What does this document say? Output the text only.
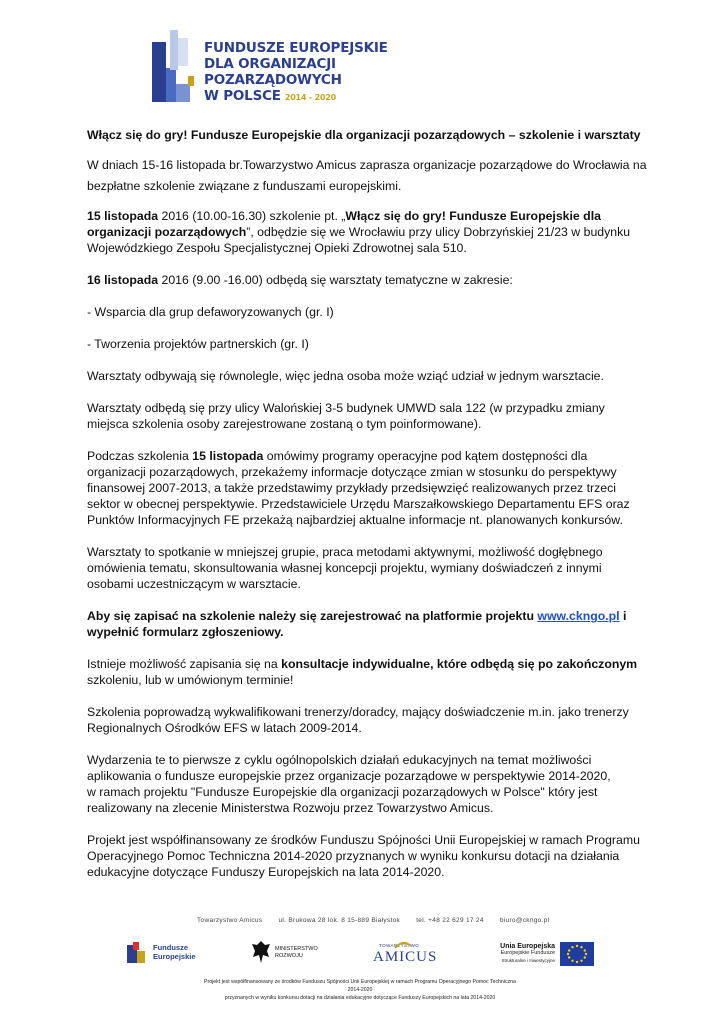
FUNDUSZE EUROPEJSKIE
DLA ORGANIZACJI POZARZĄDOWYCH
W POLSCE 2014 - 2020

Włącz się do gry! Fundusze Europejskie dla organizacji pozarządowych – szkolenie i warsztaty

W dniach 15-16 listopada br.Towarzystwo Amicus zaprasza organizacje pozarządowe do Wrocławia na bezpłatne szkolenie związane z funduszami europejskimi.

15 listopada 2016 (10.00-16.30) szkolenie pt. „Włącz się do gry! Fundusze Europejskie dla organizacji pozarządowych”, odbędzie się we Wrocławiu przy ulicy Dobrzyńskiej 21/23 w budynku Wojewódzkiego Zespołu Specjalistycznej Opieki Zdrowotnej sala 510.

16 listopada 2016 (9.00 -16.00) odbędą się warsztaty tematyczne w zakresie:

- Wsparcia dla grup defaworyzowanych (gr. I)

- Tworzenia projektów partnerskich (gr. I)

Warsztaty odbywają się równolegle, więc jedna osoba może wziąć udział w jednym warsztacie.

Warsztaty odbędą się przy ulicy Walońskiej 3-5 budynek UMWD sala 122 (w przypadku zmiany miejsca szkolenia osoby zarejestrowane zostaną o tym poinformowane).

Podczas szkolenia 15 listopada omówimy programy operacyjne pod kątem dostępności dla organizacji pozarządowych, przekażemy informacje dotyczące zmian w stosunku do perspektywy finansowej 2007-2013, a także przedstawimy przykłady przedsięwzięć realizowanych przez trzeci sektor w obecnej perspektywie. Przedstawiciele Urzędu Marszałkowskiego Departamentu EFS oraz Punktów Informacyjnych FE przekażą najbardziej aktualne informacje nt. planowanych konkursów.

Warsztaty to spotkanie w mniejszej grupie, praca metodami aktywnymi, możliwość dogłębnego omówienia tematu, skonsultowania własnej koncepcji projektu, wymiany doświadczeń z innymi osobami uczestniczącym w warsztacie.

Aby się zapisać na szkolenie należy się zarejestrować na platformie projektu www.ckngo.pl i wypełnić formularz zgłoszeniowy.

Istnieje możliwość zapisania się na konsultacje indywidualne, które odbędą się po zakończonym szkoleniu, lub w umówionym terminie!

Szkolenia poprowadzą wykwalifikowani trenerzy/doradcy, mający doświadczenie m.in. jako trenerzy Regionalnych Ośrodków EFS w latach 2009-2014.

Wydarzenia te to pierwsze z cyklu ogólnopolskich działań edukacyjnych na temat możliwości
aplikowania o fundusze europejskie przez organizacje pozarządowe w perspektywie 2014-2020,
w ramach projektu "Fundusze Europejskie dla organizacji pozarządowych w Polsce" który jest
realizowany na zlecenie Ministerstwa Rozwoju przez Towarzystwo Amicus.

Projekt jest współfinansowany ze środków Funduszu Spójności Unii Europejskiej w ramach Programu Operacyjnego Pomoc Techniczna 2014-2020 przyznanych w wyniku konkursu dotacji na działania edukacyjne dotyczące Funduszy Europejskich na lata 2014-2020.

Towarzystwo Amicus ul. Brukowa 28 lok. 8 15-889 Białystok tel. +48 22 629 17 24 biuro@ckngo.pl
Fundusze
Europejskie
MINISTERSTWO
ROZWOJU
TOWARZYSTWO
AMICUS
Unia Europejska
Europejskie Fundusze
Strukturalne i Inwestycyjne
Projekt jest współfinansowany ze środków Funduszu Spójności Unii Europejskiej w ramach Programu Operacyjnego Pomoc Techniczna 2014-2020
przyznanych w wyniku konkursu dotacji na działania edukacyjne dotyczące Funduszy Europejskich na lata 2014-2020
